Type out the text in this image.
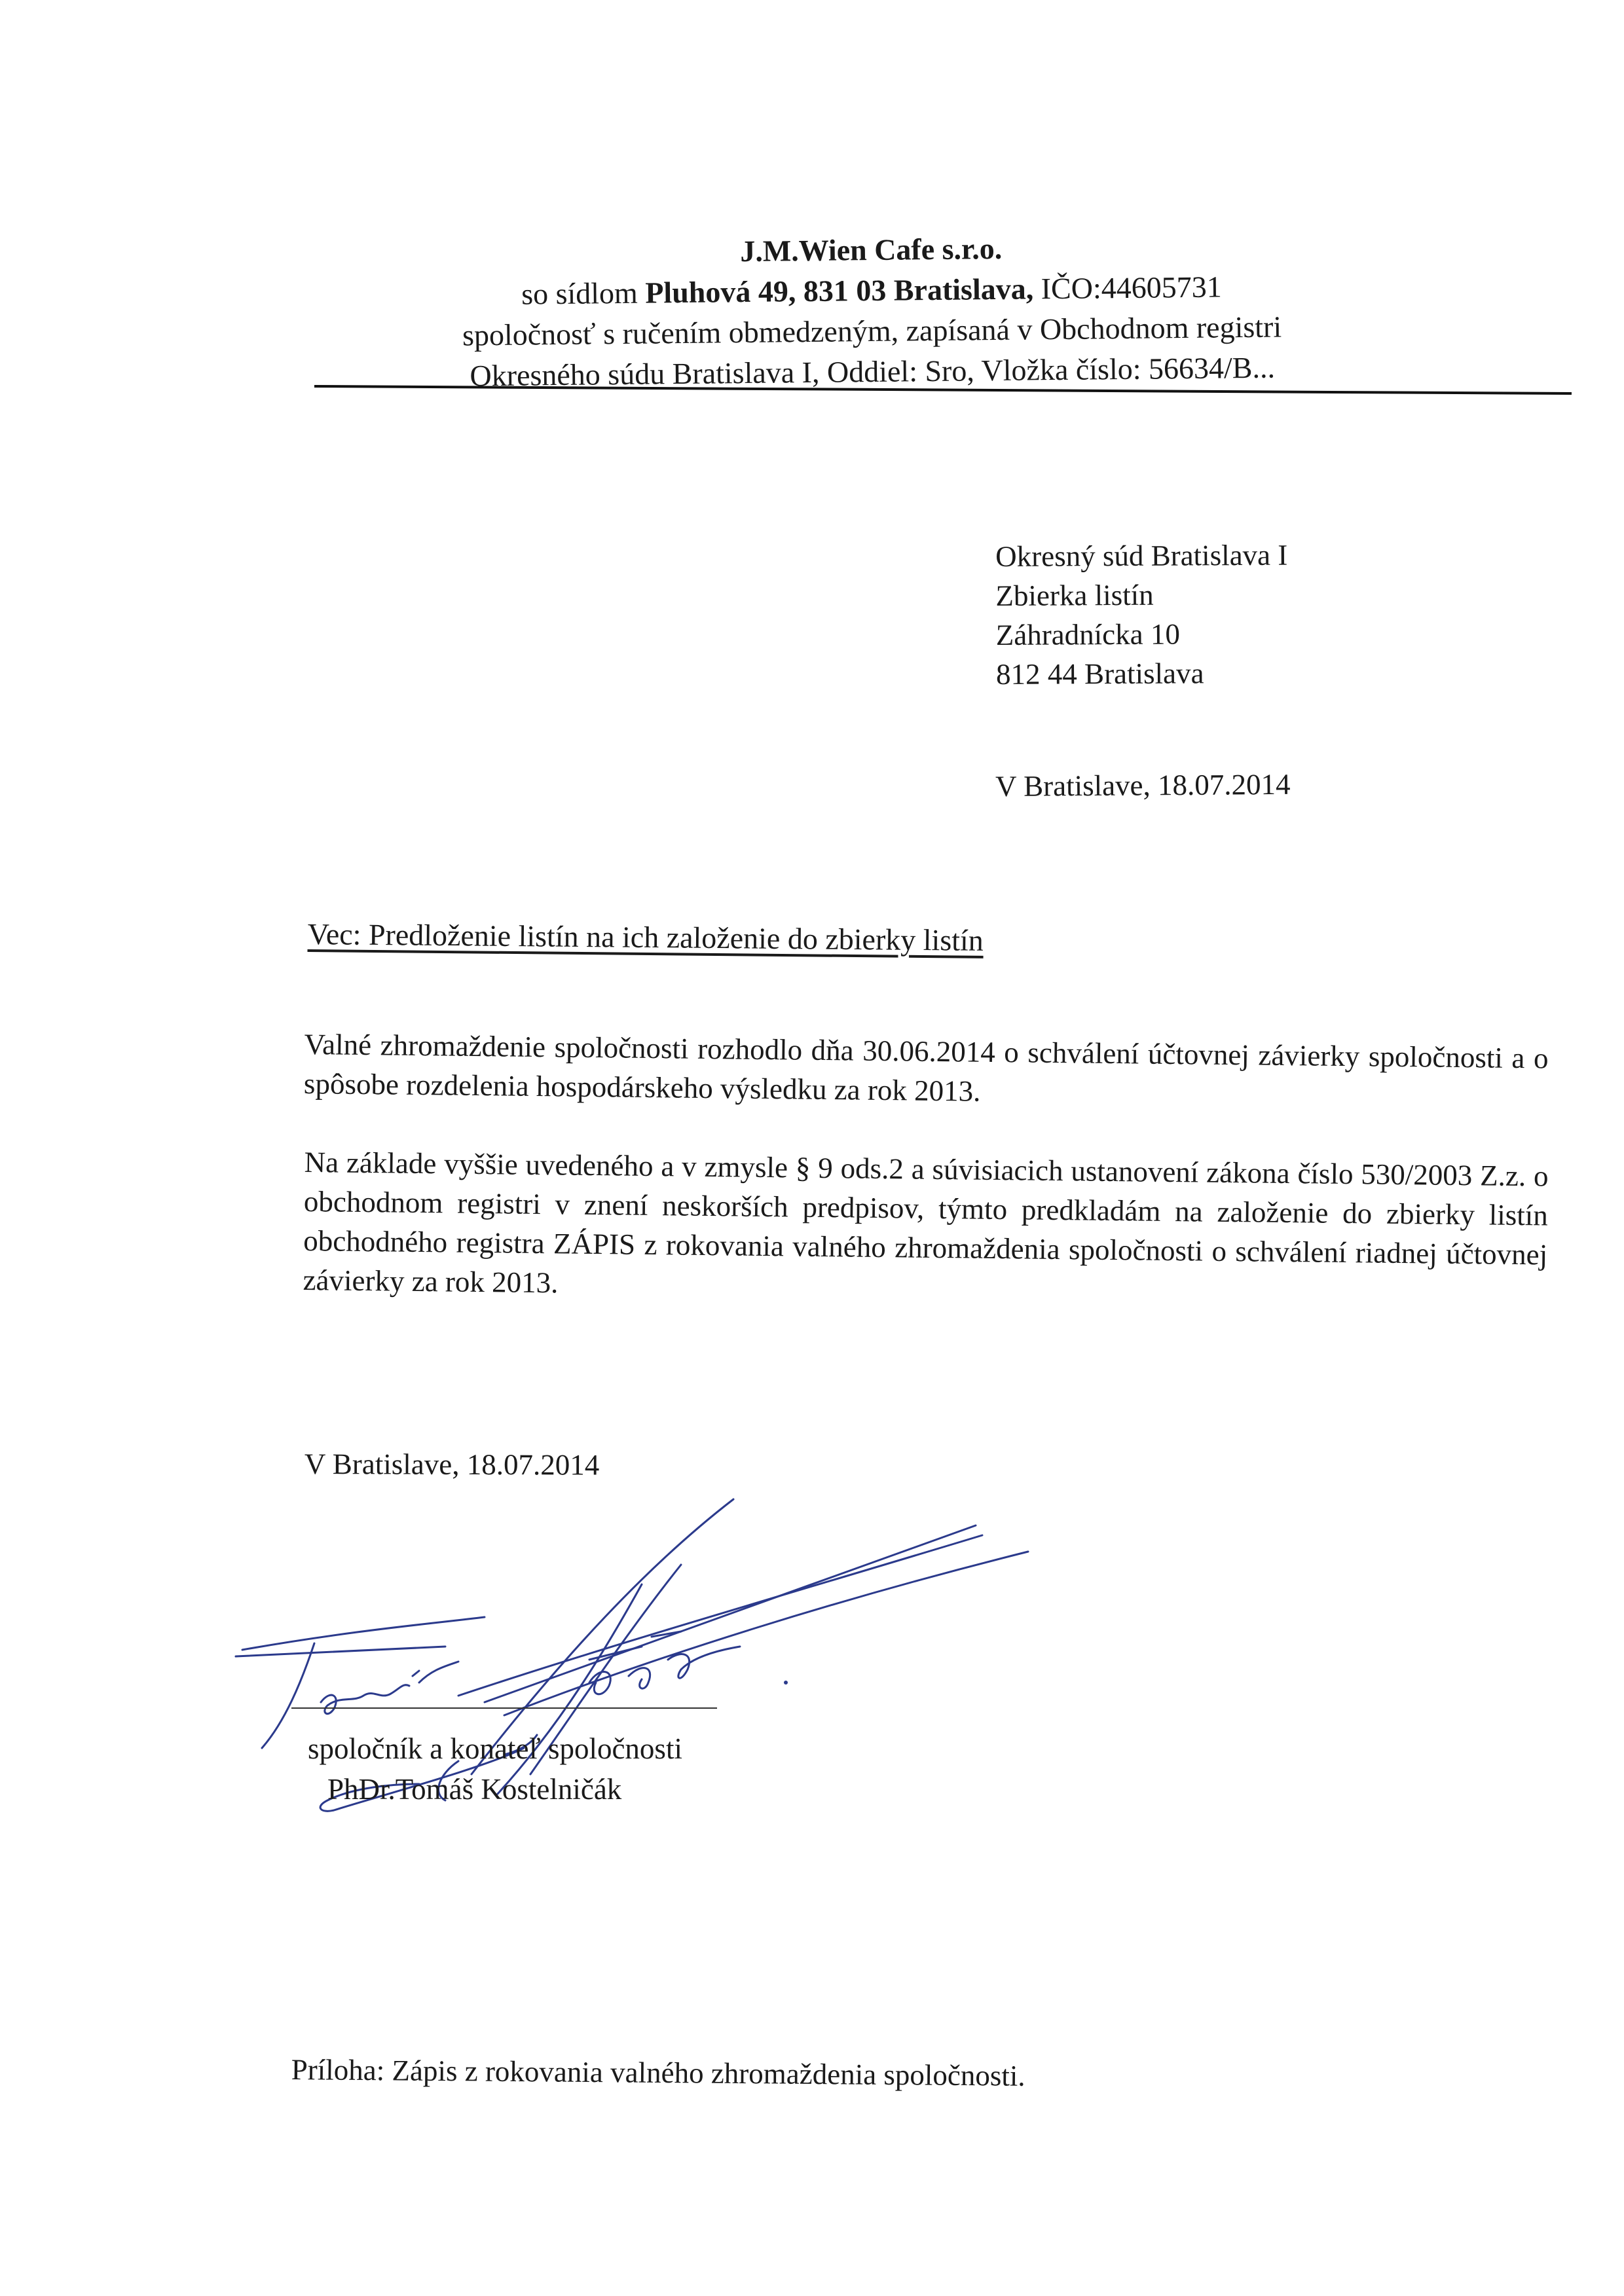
J.M.Wien Cafe s.r.o.
so sídlom Pluhová 49, 831 03 Bratislava, IČO:44605731
spoločnosť s ručením obmedzeným, zapísaná v Obchodnom registri
Okresného súdu Bratislava I, Oddiel: Sro, Vložka číslo: 56634/B...
Okresný súd Bratislava I
Zbierka listín
Záhradnícka 10
812 44 Bratislava
V Bratislave, 18.07.2014
Vec: Predloženie listín na ich založenie do zbierky listín
Valné zhromaždenie spoločnosti rozhodlo dňa 30.06.2014 o schválení účtovnej závierky spoločnosti a o spôsobe rozdelenia hospodárskeho výsledku za rok 2013.
Na základe vyššie uvedeného a v zmysle § 9 ods.2 a súvisiacich ustanovení zákona číslo 530/2003 Z.z. o obchodnom registri v znení neskorších predpisov, týmto predkladám na založenie do zbierky listín obchodného registra ZÁPIS z rokovania valného zhromaždenia spoločnosti o schválení riadnej účtovnej závierky za rok 2013.
V Bratislave, 18.07.2014
spoločník a konateľ spoločnosti
PhDr.Tomáš Kostelničák
Príloha: Zápis z rokovania valného zhromaždenia spoločnosti.
